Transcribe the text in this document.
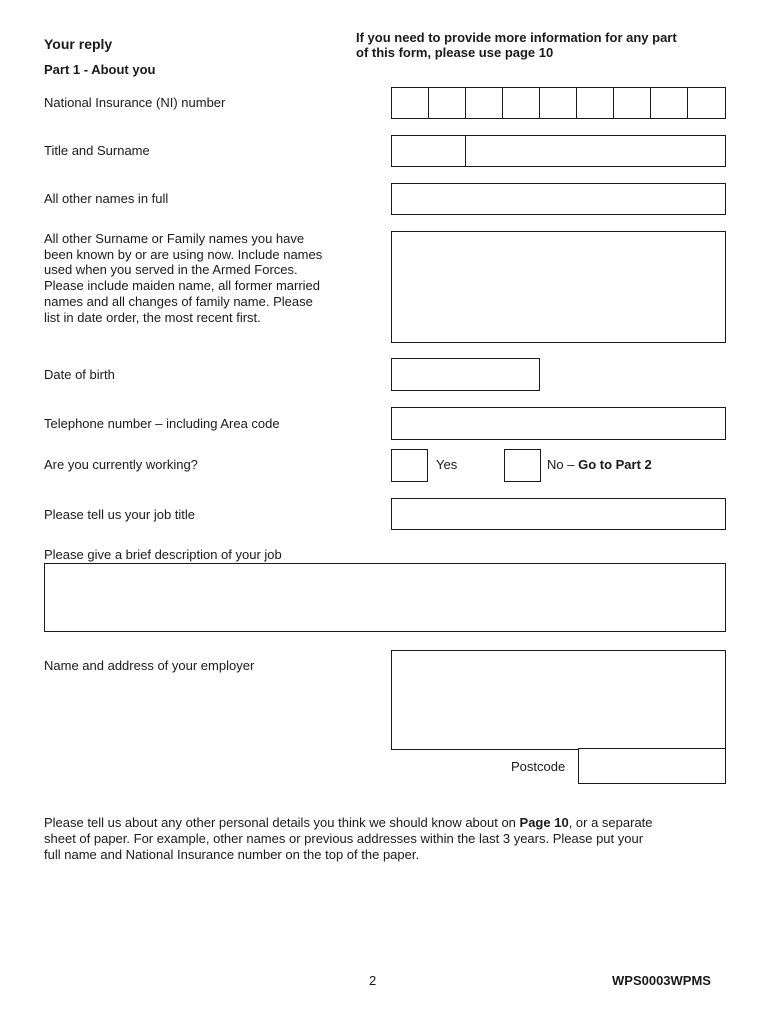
Your reply
Part 1 - About you
If you need to provide more information for any part
of this form, please use page 10
National Insurance (NI) number
Title and Surname
All other names in full
All other Surname or Family names you have
been known by or are using now. Include names
used when you served in the Armed Forces.
Please include maiden name, all former married
names and all changes of family name. Please
list in date order, the most recent first.
Date of birth
Telephone number – including Area code
Are you currently working?	Yes	No – Go to Part 2
Please tell us your job title
Please give a brief description of your job
Name and address of your employer
Postcode
Please tell us about any other personal details you think we should know about on Page 10, or a separate
sheet of paper. For example, other names or previous addresses within the last 3 years. Please put your
full name and National Insurance number on the top of the paper.
2	WPS0003WPMS
